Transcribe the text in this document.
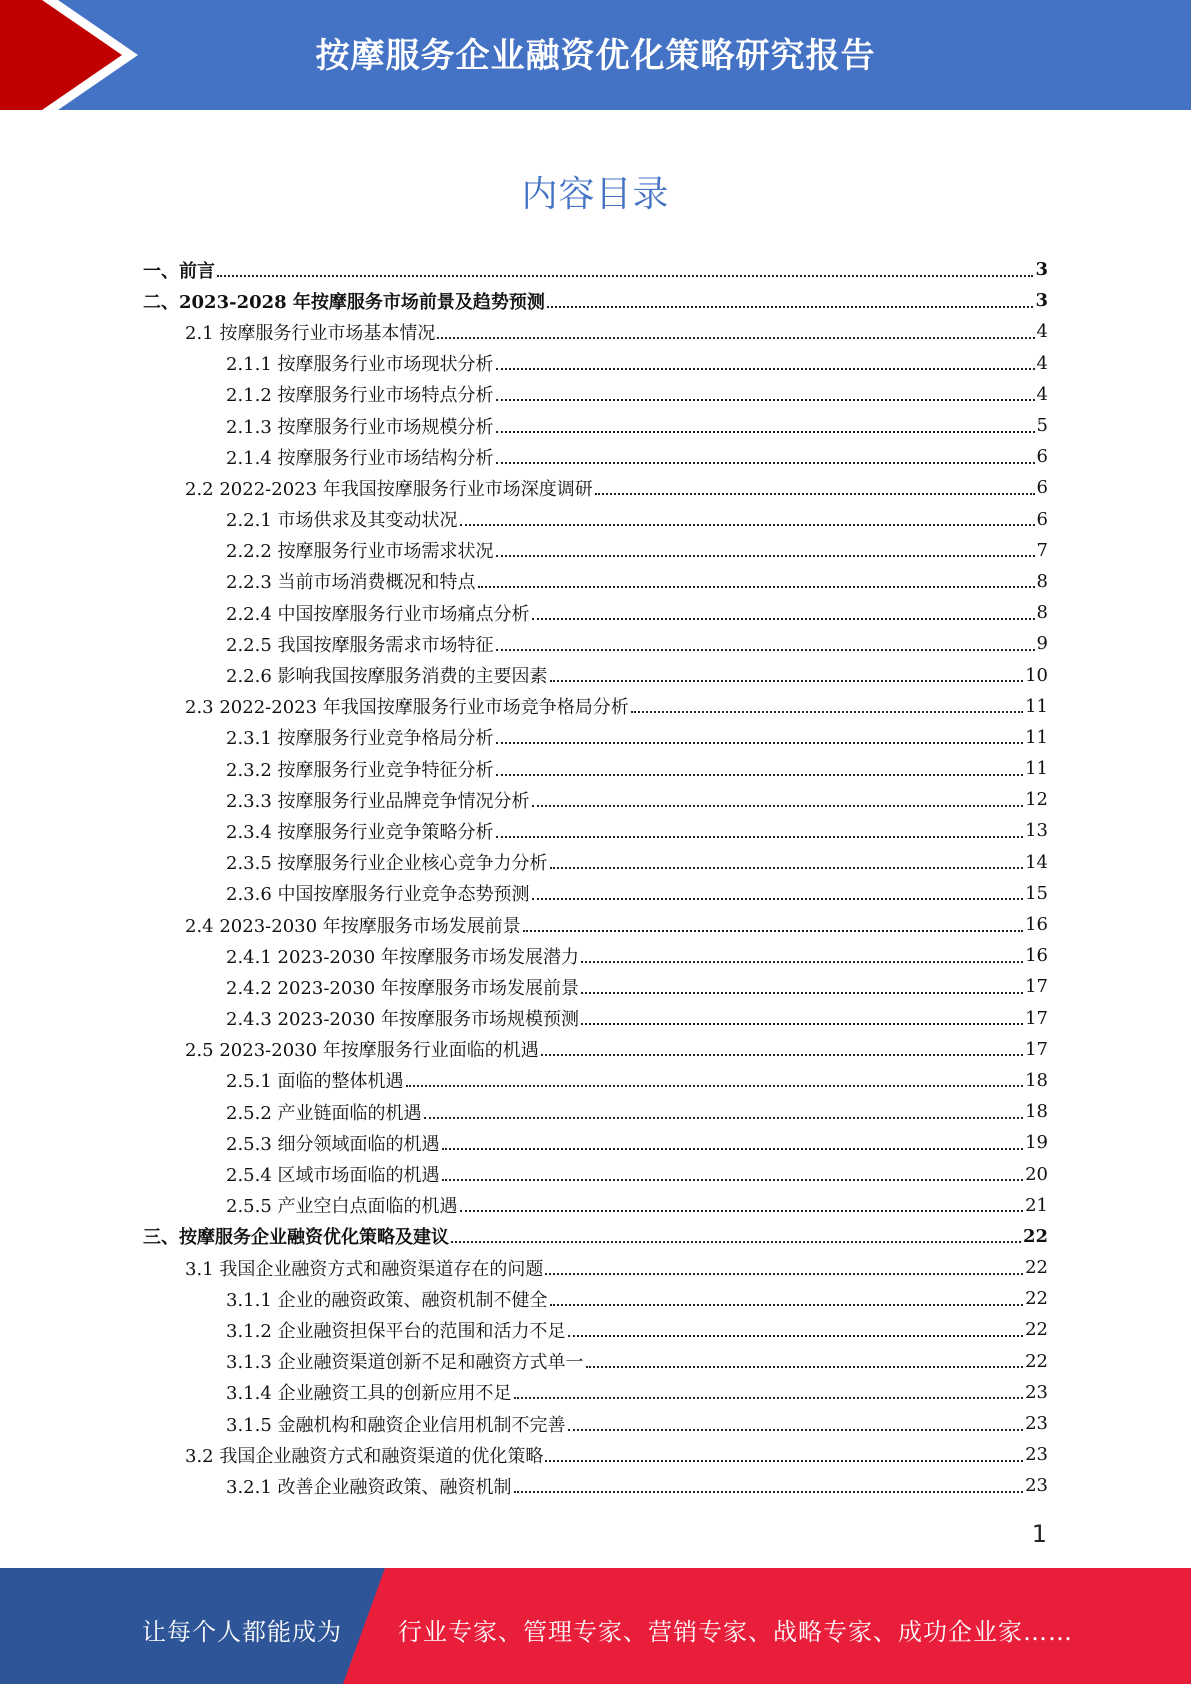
按摩服务企业融资优化策略研究报告
内容目录
一、前言	3
二、2023-2028 年按摩服务市场前景及趋势预测	3
2.1 按摩服务行业市场基本情况	4
2.1.1 按摩服务行业市场现状分析	4
2.1.2 按摩服务行业市场特点分析	4
2.1.3 按摩服务行业市场规模分析	5
2.1.4 按摩服务行业市场结构分析	6
2.2 2022-2023 年我国按摩服务行业市场深度调研	6
2.2.1 市场供求及其变动状况	6
2.2.2 按摩服务行业市场需求状况	7
2.2.3 当前市场消费概况和特点	8
2.2.4 中国按摩服务行业市场痛点分析	8
2.2.5 我国按摩服务需求市场特征	9
2.2.6 影响我国按摩服务消费的主要因素	10
2.3 2022-2023 年我国按摩服务行业市场竞争格局分析	11
2.3.1 按摩服务行业竞争格局分析	11
2.3.2 按摩服务行业竞争特征分析	11
2.3.3 按摩服务行业品牌竞争情况分析	12
2.3.4 按摩服务行业竞争策略分析	13
2.3.5 按摩服务行业企业核心竞争力分析	14
2.3.6 中国按摩服务行业竞争态势预测	15
2.4 2023-2030 年按摩服务市场发展前景	16
2.4.1 2023-2030 年按摩服务市场发展潜力	16
2.4.2 2023-2030 年按摩服务市场发展前景	17
2.4.3 2023-2030 年按摩服务市场规模预测	17
2.5 2023-2030 年按摩服务行业面临的机遇	17
2.5.1 面临的整体机遇	18
2.5.2 产业链面临的机遇	18
2.5.3 细分领域面临的机遇	19
2.5.4 区域市场面临的机遇	20
2.5.5 产业空白点面临的机遇	21
三、按摩服务企业融资优化策略及建议	22
3.1 我国企业融资方式和融资渠道存在的问题	22
3.1.1 企业的融资政策、融资机制不健全	22
3.1.2 企业融资担保平台的范围和活力不足	22
3.1.3 企业融资渠道创新不足和融资方式单一	22
3.1.4 企业融资工具的创新应用不足	23
3.1.5 金融机构和融资企业信用机制不完善	23
3.2 我国企业融资方式和融资渠道的优化策略	23
3.2.1 改善企业融资政策、融资机制	23
1
让每个人都能成为 行业专家、管理专家、营销专家、战略专家、成功企业家……
